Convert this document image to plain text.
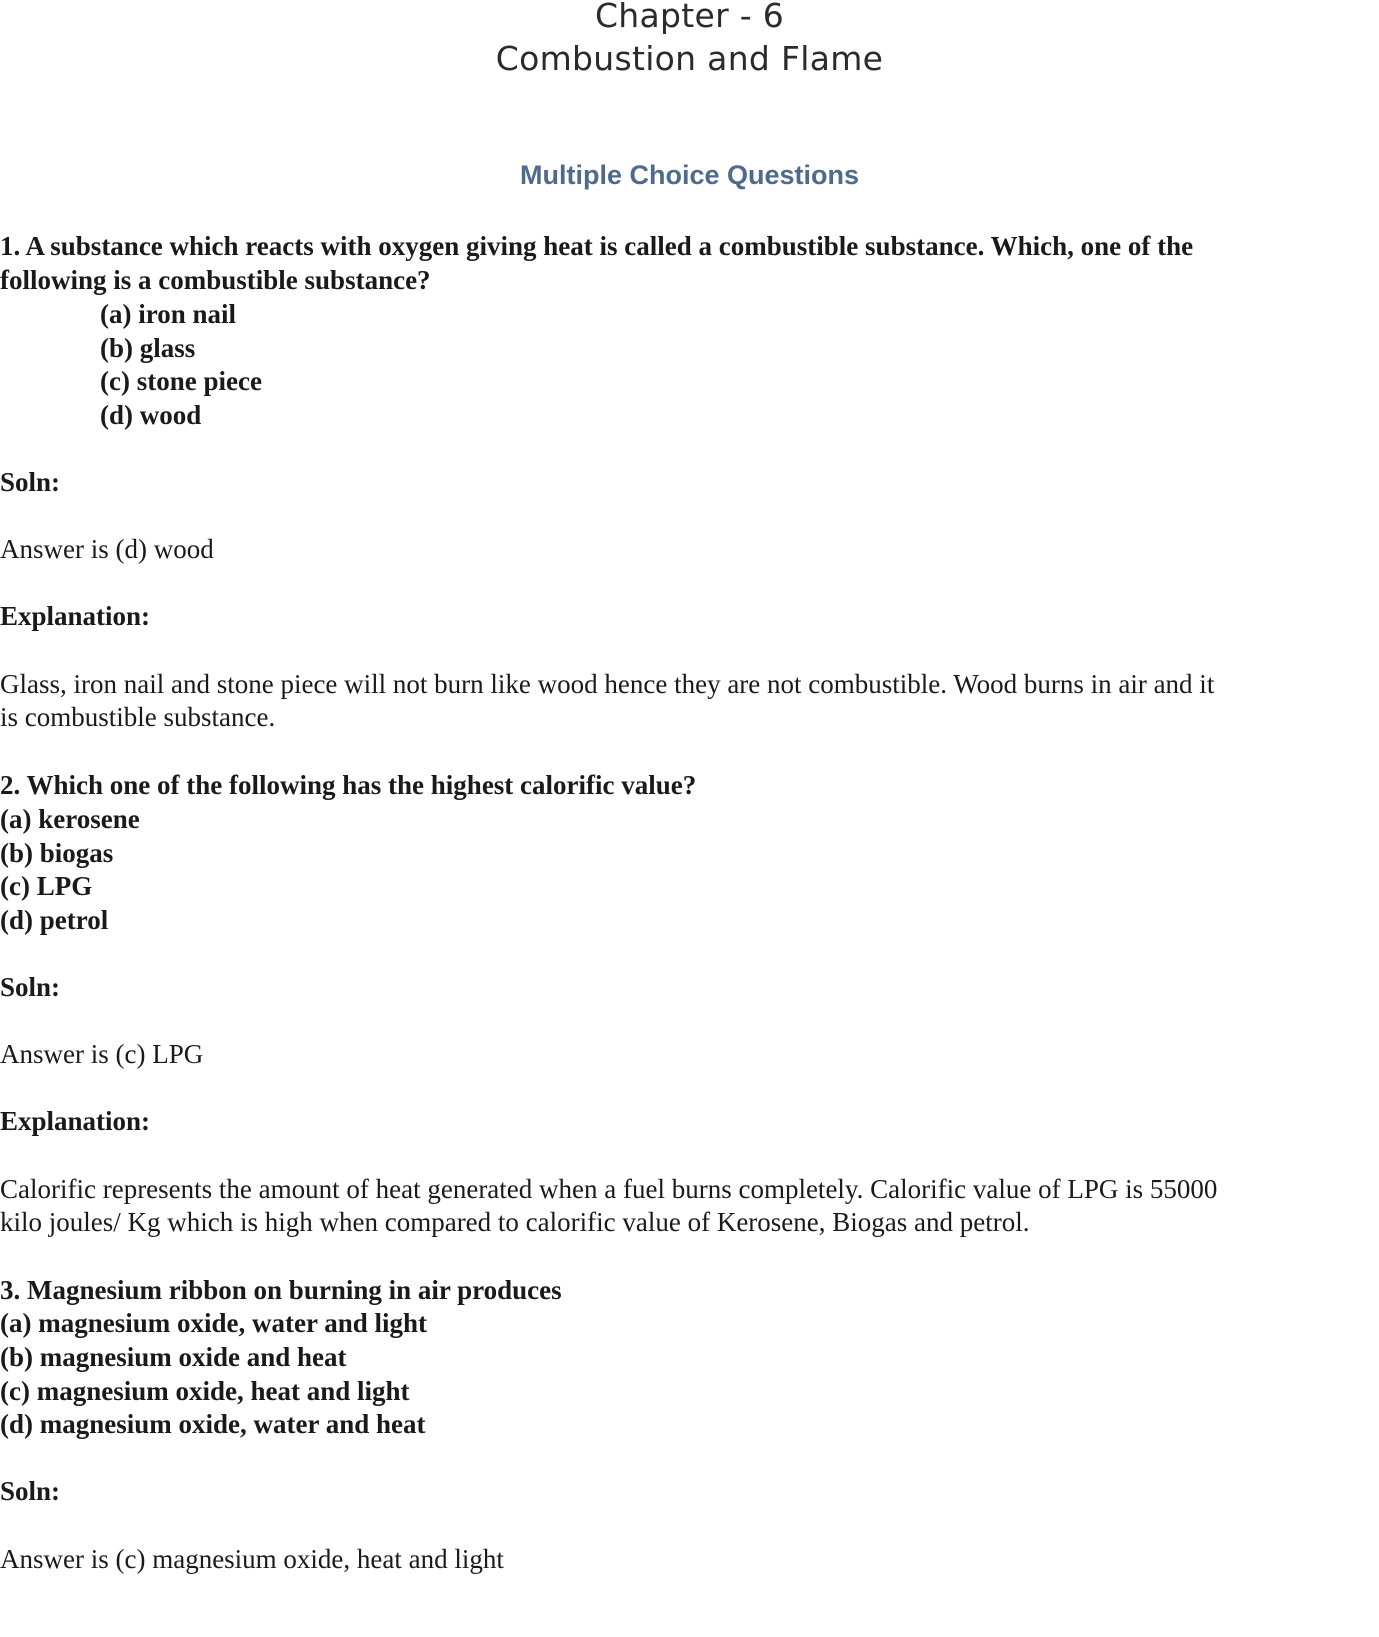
Chapter - 6
Combustion and Flame
Multiple Choice Questions
1. A substance which reacts with oxygen giving heat is called a combustible substance. Which, one of the
following is a combustible substance?
(a) iron nail
(b) glass
(c) stone piece
(d) wood
Soln:
Answer is (d) wood
Explanation:
Glass, iron nail and stone piece will not burn like wood hence they are not combustible. Wood burns in air and it
is combustible substance.
2. Which one of the following has the highest calorific value?
(a) kerosene
(b) biogas
(c) LPG
(d) petrol
Soln:
Answer is (c) LPG
Explanation:
Calorific represents the amount of heat generated when a fuel burns completely. Calorific value of LPG is 55000
kilo joules/ Kg which is high when compared to calorific value of Kerosene, Biogas and petrol.
3. Magnesium ribbon on burning in air produces
(a) magnesium oxide, water and light
(b) magnesium oxide and heat
(c) magnesium oxide, heat and light
(d) magnesium oxide, water and heat
Soln:
Answer is (c) magnesium oxide, heat and light
